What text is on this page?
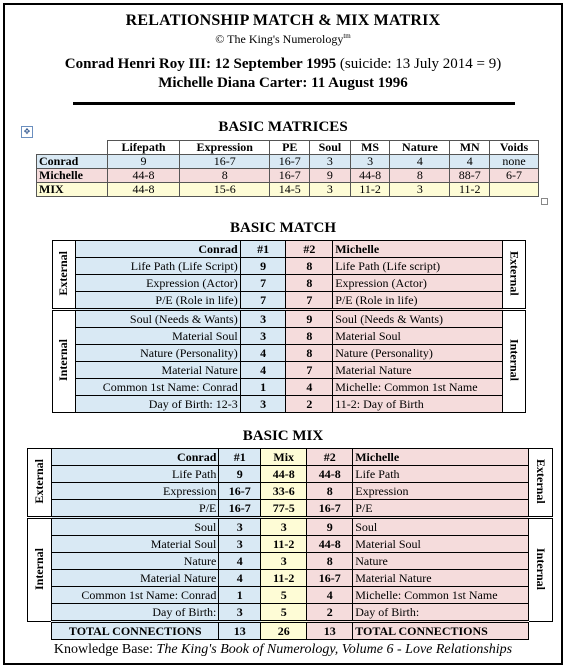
RELATIONSHIP MATCH & MIX MATRIX
© The King's Numerology$^{tm}$
Conrad Henri Roy III: 12 September 1995 (suicide: 13 July 2014 = 9)
Michelle Diana Carter: 11 August 1996
BASIC MATRICES
✥
	Lifepath	Expression	PE	Soul	MS	Nature	MN	Voids
Conrad	9	16-7	16-7	3	3	4	4	none
Michelle	44-8	8	16-7	9	44-8	8	88-7	6-7
MIX	44-8	15-6	14-5	3	11-2	3	11-2	
BASIC MATCH
External	Conrad	#1	#2	Michelle	External
	Life Path (Life Script)	9	8	Life Path (Life script)	
	Expression (Actor)	7	8	Expression (Actor)	
	P/E (Role in life)	7	7	P/E (Role in life)	
Internal	Soul (Needs & Wants)	3	9	Soul (Needs & Wants)	Internal
	Material Soul	3	8	Material Soul	
	Nature (Personality)	4	8	Nature (Personality)	
	Material Nature	4	7	Material Nature	
	Common 1st Name: Conrad	1	4	Michelle: Common 1st Name	
	Day of Birth: 12-3	3	2	11-2: Day of Birth	
BASIC MIX
External	Conrad	#1	Mix	#2	Michelle	External
	Life Path	9	44-8	44-8	Life Path	
	Expression	16-7	33-6	8	Expression	
	P/E	16-7	77-5	16-7	P/E	
Internal	Soul	3	3	9	Soul	Internal
	Material Soul	3	11-2	44-8	Material Soul	
	Nature	4	3	8	Nature	
	Material Nature	4	11-2	16-7	Material Nature	
	Common 1st Name: Conrad	1	5	4	Michelle: Common 1st Name	
	Day of Birth:	3	5	2	Day of Birth:	
	TOTAL CONNECTIONS	13	26	13	TOTAL CONNECTIONS	
Knowledge Base: The King's Book of Numerology, Volume 6 - Love Relationships
